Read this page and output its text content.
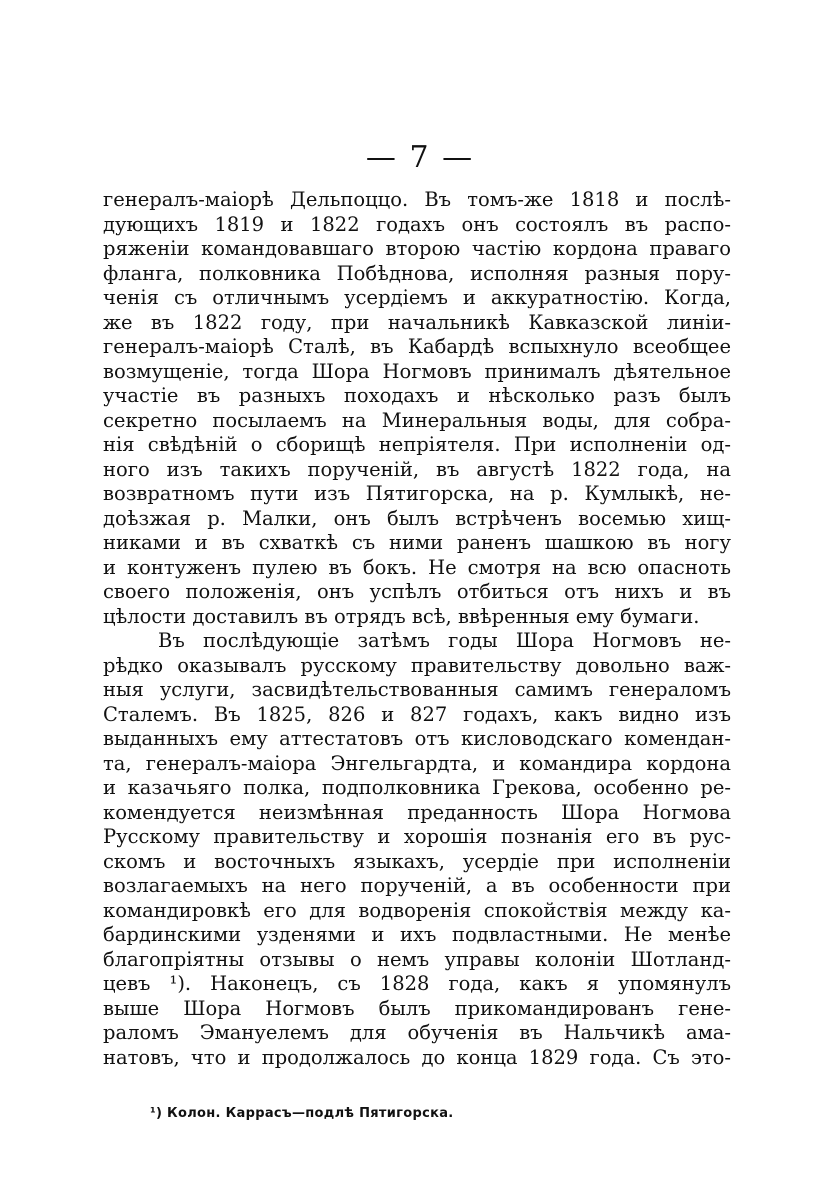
— 7 —
генералъ-маiорѣ Дельпоццо. Въ томъ-же 1818 и послѣ-
дующихъ 1819 и 1822 годахъ онъ состоялъ въ распо-
ряженiи командовавшаго второю частiю кордона праваго
фланга, полковника Побѣднова, исполняя разныя пору-
ченiя съ отличнымъ усердiемъ и аккуратностiю. Когда,
же въ 1822 году, при начальникѣ Кавказской линiи-
генералъ-маiорѣ Сталѣ, въ Кабардѣ вспыхнуло всеобщее
возмущенiе, тогда Шора Ногмовъ принималъ дѣятельное
участiе въ разныхъ походахъ и нѣсколько разъ былъ
секретно посылаемъ на Минеральныя воды, для собра-
нiя свѣдѣнiй о сборищѣ непрiятеля. При исполненiи од-
ного изъ такихъ порученiй, въ августѣ 1822 года, на
возвратномъ пути изъ Пятигорска, на р. Кумлыкѣ, не-
доѣзжая р. Малки, онъ былъ встрѣченъ восемью хищ-
никами и въ схваткѣ съ ними раненъ шашкою въ ногу
и контуженъ пулею въ бокъ. Не смотря на всю опасноть
своего положенiя, онъ успѣлъ отбиться отъ нихъ и въ
цѣлости доставилъ въ отрядъ всѣ, ввѣренныя ему бумаги.
Въ послѣдующiе затѣмъ годы Шора Ногмовъ не-
рѣдко оказывалъ русскому правительству довольно важ-
ныя услуги, засвидѣтельствованныя самимъ генераломъ
Сталемъ. Въ 1825, 826 и 827 годахъ, какъ видно изъ
выданныхъ ему аттестатовъ отъ кисловодскаго комендан-
та, генералъ-маiора Энгельгардта, и командира кордона
и казачьяго полка, подполковника Грекова, особенно ре-
комендуется неизмѣнная преданность Шора Ногмова
Русскому правительству и хорошiя познанiя его въ рус-
скомъ и восточныхъ языкахъ, усердiе при исполненiи
возлагаемыхъ на него порученiй, а въ особенности при
командировкѣ его для водворенiя спокойствiя между ка-
бардинскими узденями и ихъ подвластными. Не менѣе
благопрiятны отзывы о немъ управы колонiи Шотланд-
цевъ ¹). Наконецъ, съ 1828 года, какъ я упомянулъ
выше Шора Ногмовъ былъ прикомандированъ гене-
раломъ Эмануелемъ для обученiя въ Нальчикѣ ама-
натовъ, что и продолжалось до конца 1829 года. Съ это-
¹) Колон. Каррасъ—подлѣ Пятигорска.
